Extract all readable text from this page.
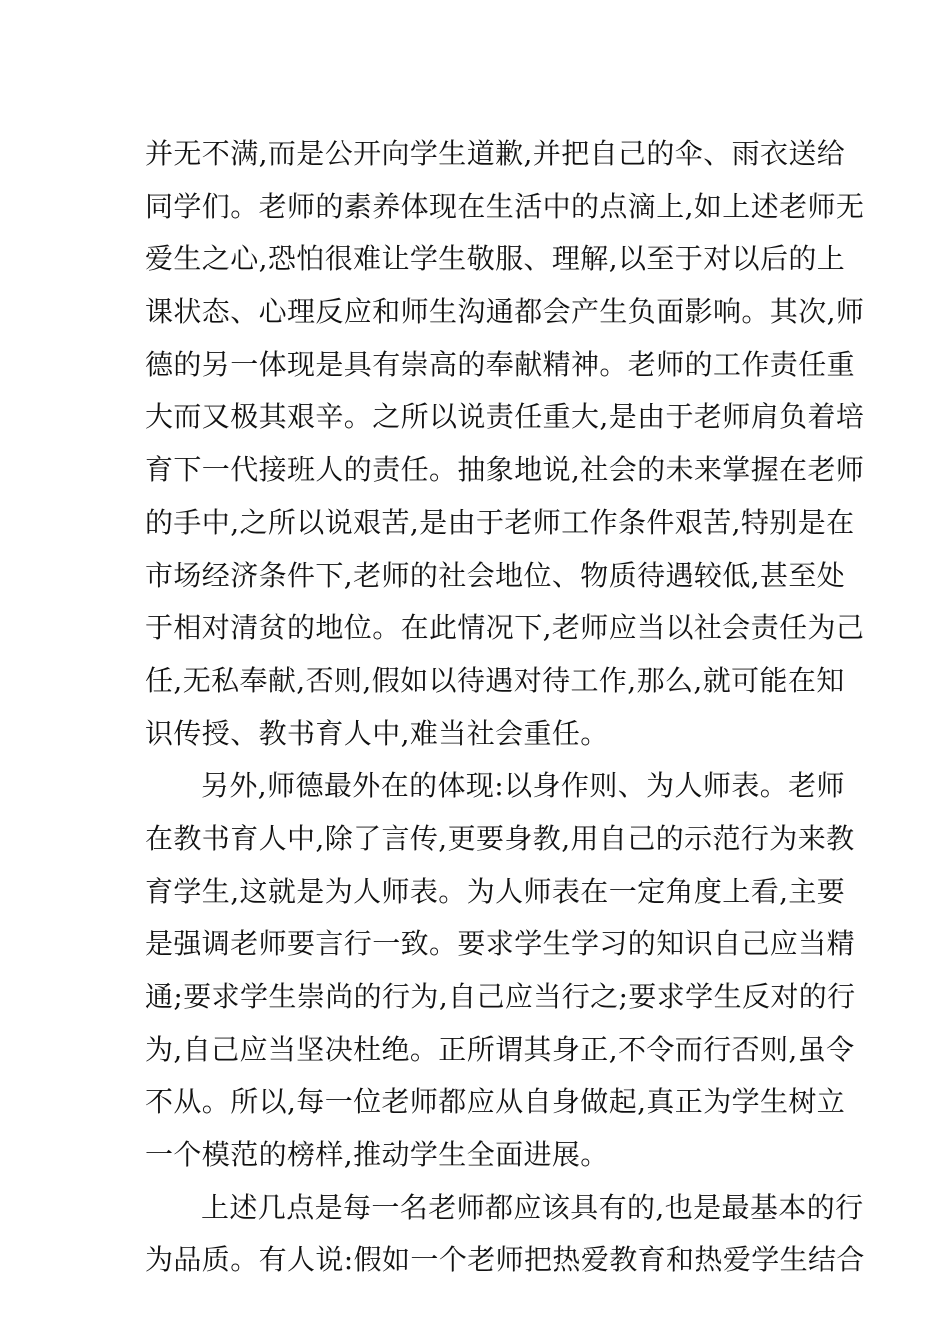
并无不满,而是公开向学生道歉,并把自己的伞、雨衣送给
同学们。老师的素养体现在生活中的点滴上,如上述老师无
爱生之心,恐怕很难让学生敬服、理解,以至于对以后的上
课状态、心理反应和师生沟通都会产生负面影响。其次,师
德的另一体现是具有崇高的奉献精神。老师的工作责任重
大而又极其艰辛。之所以说责任重大,是由于老师肩负着培
育下一代接班人的责任。抽象地说,社会的未来掌握在老师
的手中,之所以说艰苦,是由于老师工作条件艰苦,特别是在
市场经济条件下,老师的社会地位、物质待遇较低,甚至处
于相对清贫的地位。在此情况下,老师应当以社会责任为己
任,无私奉献,否则,假如以待遇对待工作,那么,就可能在知
识传授、教书育人中,难当社会重任。
另外,师德最外在的体现:以身作则、为人师表。老师
在教书育人中,除了言传,更要身教,用自己的示范行为来教
育学生,这就是为人师表。为人师表在一定角度上看,主要
是强调老师要言行一致。要求学生学习的知识自己应当精
通;要求学生崇尚的行为,自己应当行之;要求学生反对的行
为,自己应当坚决杜绝。正所谓其身正,不令而行否则,虽令
不从。所以,每一位老师都应从自身做起,真正为学生树立
一个模范的榜样,推动学生全面进展。
上述几点是每一名老师都应该具有的,也是最基本的行
为品质。有人说:假如一个老师把热爱教育和热爱学生结合
